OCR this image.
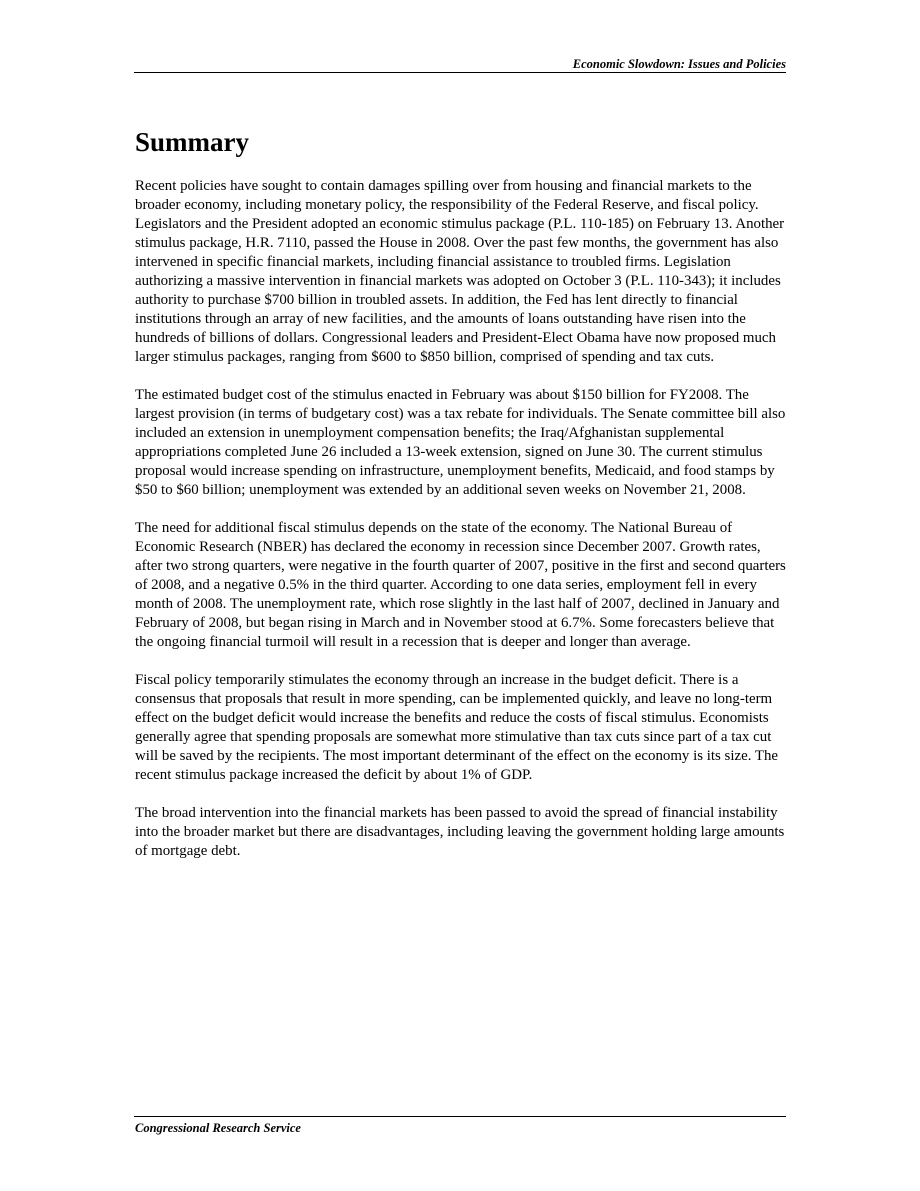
Economic Slowdown: Issues and Policies
Summary

Recent policies have sought to contain damages spilling over from housing and financial markets to the broader economy, including monetary policy, the responsibility of the Federal Reserve, and fiscal policy. Legislators and the President adopted an economic stimulus package (P.L. 110-185) on February 13. Another stimulus package, H.R. 7110, passed the House in 2008. Over the past few months, the government has also intervened in specific financial markets, including financial assistance to troubled firms. Legislation authorizing a massive intervention in financial markets was adopted on October 3 (P.L. 110-343); it includes authority to purchase $700 billion in troubled assets. In addition, the Fed has lent directly to financial institutions through an array of new facilities, and the amounts of loans outstanding have risen into the hundreds of billions of dollars. Congressional leaders and President-Elect Obama have now proposed much larger stimulus packages, ranging from $600 to $850 billion, comprised of spending and tax cuts.

The estimated budget cost of the stimulus enacted in February was about $150 billion for FY2008. The largest provision (in terms of budgetary cost) was a tax rebate for individuals. The Senate committee bill also included an extension in unemployment compensation benefits; the Iraq/Afghanistan supplemental appropriations completed June 26 included a 13-week extension, signed on June 30. The current stimulus proposal would increase spending on infrastructure, unemployment benefits, Medicaid, and food stamps by $50 to $60 billion; unemployment was extended by an additional seven weeks on November 21, 2008.

The need for additional fiscal stimulus depends on the state of the economy. The National Bureau of Economic Research (NBER) has declared the economy in recession since December 2007. Growth rates, after two strong quarters, were negative in the fourth quarter of 2007, positive in the first and second quarters of 2008, and a negative 0.5% in the third quarter. According to one data series, employment fell in every month of 2008. The unemployment rate, which rose slightly in the last half of 2007, declined in January and February of 2008, but began rising in March and in November stood at 6.7%. Some forecasters believe that the ongoing financial turmoil will result in a recession that is deeper and longer than average.

Fiscal policy temporarily stimulates the economy through an increase in the budget deficit. There is a consensus that proposals that result in more spending, can be implemented quickly, and leave no long-term effect on the budget deficit would increase the benefits and reduce the costs of fiscal stimulus. Economists generally agree that spending proposals are somewhat more stimulative than tax cuts since part of a tax cut will be saved by the recipients. The most important determinant of the effect on the economy is its size. The recent stimulus package increased the deficit by about 1% of GDP.

The broad intervention into the financial markets has been passed to avoid the spread of financial instability into the broader market but there are disadvantages, including leaving the government holding large amounts of mortgage debt.

Congressional Research Service
